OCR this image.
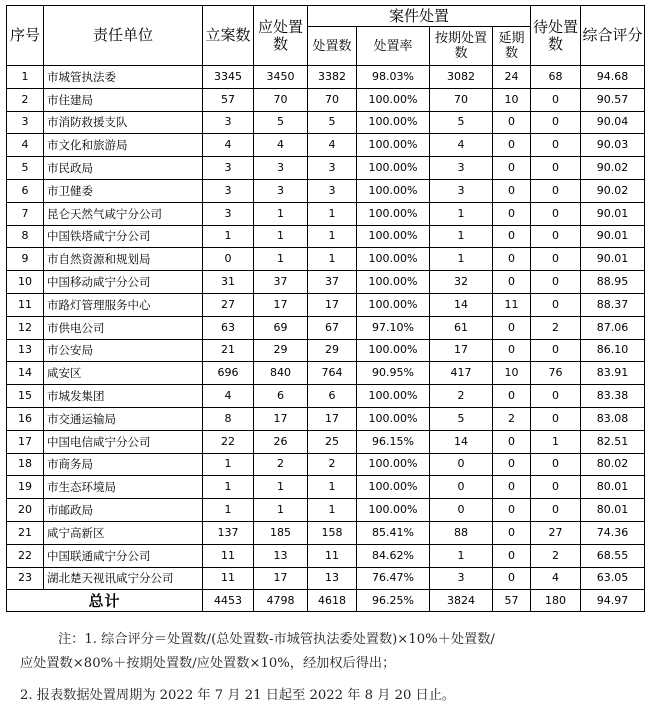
序号	责任单位	立案数	应处置数	案件处置				待处置数	综合评分
				处置数	处置率	按期处置数	延期数		
1	市城管执法委	3345	3450	3382	98.03%	3082	24	68	94.68
2	市住建局	57	70	70	100.00%	70	10	0	90.57
3	市消防救援支队	3	5	5	100.00%	5	0	0	90.04
4	市文化和旅游局	4	4	4	100.00%	4	0	0	90.03
5	市民政局	3	3	3	100.00%	3	0	0	90.02
6	市卫健委	3	3	3	100.00%	3	0	0	90.02
7	昆仑天然气咸宁分公司	3	1	1	100.00%	1	0	0	90.01
8	中国铁塔咸宁分公司	1	1	1	100.00%	1	0	0	90.01
9	市自然资源和规划局	0	1	1	100.00%	1	0	0	90.01
10	中国移动咸宁分公司	31	37	37	100.00%	32	0	0	88.95
11	市路灯管理服务中心	27	17	17	100.00%	14	11	0	88.37
12	市供电公司	63	69	67	97.10%	61	0	2	87.06
13	市公安局	21	29	29	100.00%	17	0	0	86.10
14	咸安区	696	840	764	90.95%	417	10	76	83.91
15	市城发集团	4	6	6	100.00%	2	0	0	83.38
16	市交通运输局	8	17	17	100.00%	5	2	0	83.08
17	中国电信咸宁分公司	22	26	25	96.15%	14	0	1	82.51
18	市商务局	1	2	2	100.00%	0	0	0	80.02
19	市生态环境局	1	1	1	100.00%	0	0	0	80.01
20	市邮政局	1	1	1	100.00%	0	0	0	80.01
21	咸宁高新区	137	185	158	85.41%	88	0	27	74.36
22	中国联通咸宁分公司	11	13	11	84.62%	1	0	2	68.55
23	湖北楚天视讯咸宁分公司	11	17	13	76.47%	3	0	4	63.05
总计		4453	4798	4618	96.25%	3824	57	180	94.97
注：1. 综合评分＝处置数/(总处置数-市城管执法委处置数)×10%＋处置数/
应处置数×80%＋按期处置数/应处置数×10%，经加权后得出；
2. 报表数据处置周期为 2022 年 7 月 21 日起至 2022 年 8 月 20 日止。
